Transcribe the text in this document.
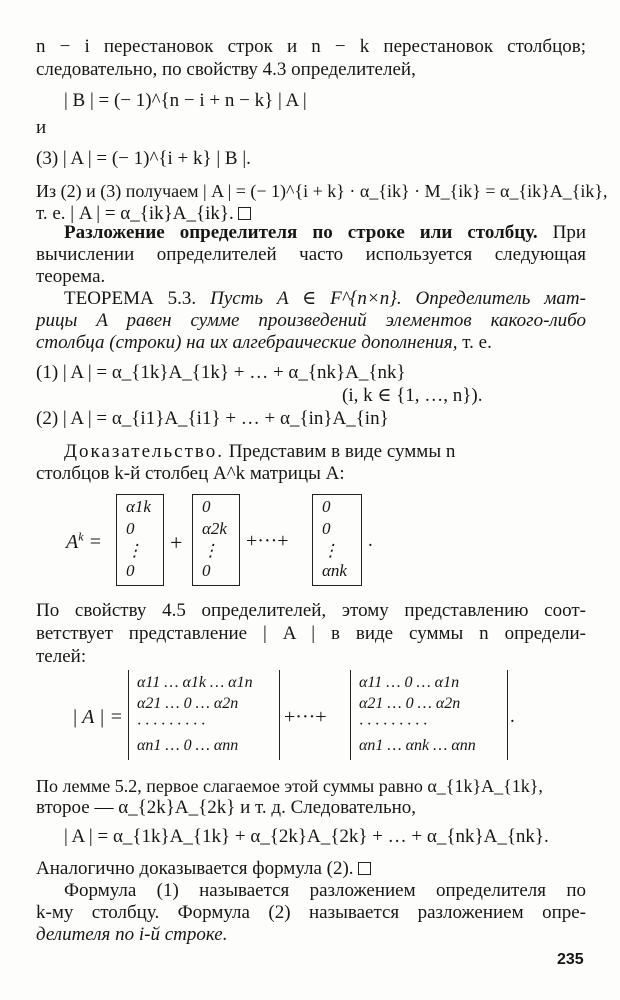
n − i перестановок строк и n − k перестановок столбцов;
следовательно, по свойству 4.3 определителей,
| B | = (− 1)^{n − i + n − k} | A |
и
(3) | A | = (− 1)^{i + k} | B |.
Из (2) и (3) получаем | A | = (− 1)^{i + k} · α_{ik} · M_{ik} = α_{ik}A_{ik},
т. е. | A | = α_{ik}A_{ik}.
Разложение определителя по строке или столбцу. При
вычислении определителей часто используется следующая
теорема.
ТЕОРЕМА 5.3. Пусть A ∈ F^{n×n}. Определитель мат-
рицы A равен сумме произведений элементов какого-либо
столбца (строки) на их алгебраические дополнения, т. е.
(1) | A | = α_{1k}A_{1k} + … + α_{nk}A_{nk}
(i, k ∈ {1, …, n}).
(2) | A | = α_{i1}A_{i1} + … + α_{in}A_{in}
Доказательство. Представим в виде суммы n
столбцов k-й столбец A^k матрицы A:
$A^k$ =
α1k
0
⋮
0
+
0
α2k
⋮
0
+···+
0
0
⋮
αnk
.
По свойству 4.5 определителей, этому представлению соот-
ветствует представление | A | в виде суммы n определи-
телей:
| A | =
α11 … α1k … α1n
α21 … 0 … α2n
· · · · · · · · ·
αn1 … 0 … αnn
+···+
α11 … 0 … α1n
α21 … 0 … α2n
· · · · · · · · ·
αn1 … αnk … αnn
.
По лемме 5.2, первое слагаемое этой суммы равно α_{1k}A_{1k},
второе — α_{2k}A_{2k} и т. д. Следовательно,
| A | = α_{1k}A_{1k} + α_{2k}A_{2k} + … + α_{nk}A_{nk}.
Аналогично доказывается формула (2).
Формула (1) называется разложением определителя по
k-му столбцу. Формула (2) называется разложением опре-
делителя по i-й строке.
235
